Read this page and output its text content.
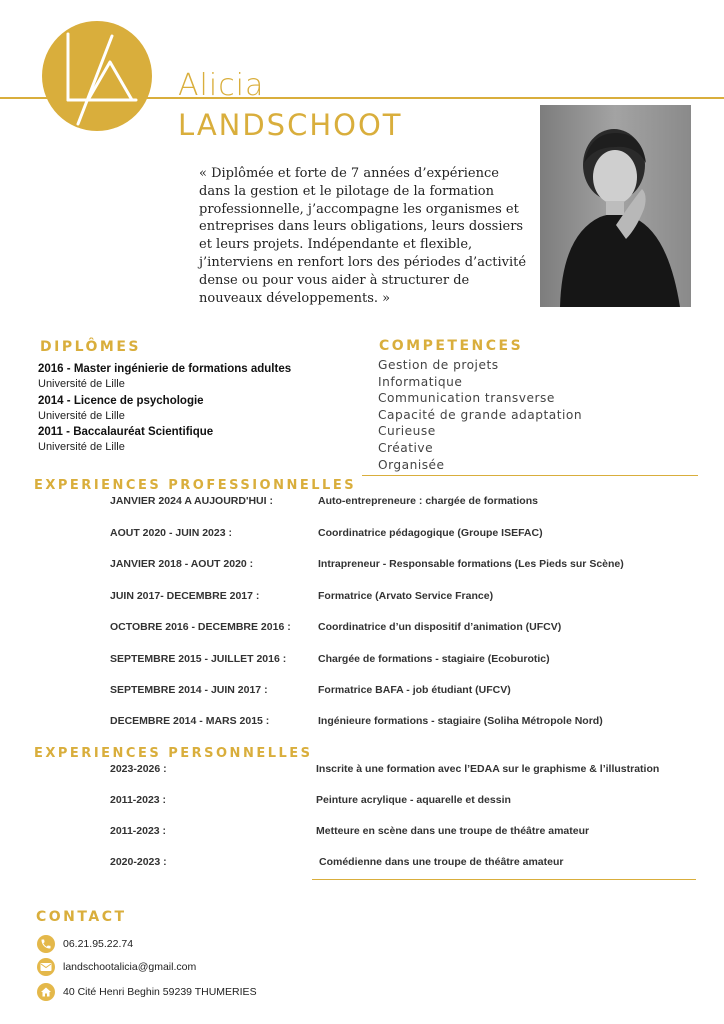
Alicia
LANDSCHOOT
« Diplômée et forte de 7 années d’expérience dans la gestion et le pilotage de la formation professionnelle, j’accompagne les organismes et entreprises dans leurs obligations, leurs dossiers et leurs projets. Indépendante et flexible, j’interviens en renfort lors des périodes d’activité dense ou pour vous aider à structurer de nouveaux développements. »
DIPLÔMES
2016 - Master ingénierie de formations adultes
Université de Lille
2014 - Licence de psychologie
Université de Lille
2011 - Baccalauréat Scientifique
Université de Lille
COMPETENCES
Gestion de projets
Informatique
Communication transverse
Capacité de grande adaptation
Curieuse
Créative
Organisée
EXPERIENCES PROFESSIONNELLES
JANVIER 2024 A AUJOURD'HUI :	Auto-entrepreneure : chargée de formations
AOUT 2020 - JUIN 2023 :	Coordinatrice pédagogique (Groupe ISEFAC)
JANVIER 2018 - AOUT 2020 :	Intrapreneur - Responsable formations (Les Pieds sur Scène)
JUIN 2017- DECEMBRE 2017 :	Formatrice (Arvato Service France)
OCTOBRE 2016 - DECEMBRE 2016 :	Coordinatrice d’un dispositif d’animation (UFCV)
SEPTEMBRE 2015 - JUILLET 2016 :	Chargée de formations - stagiaire (Ecoburotic)
SEPTEMBRE 2014 - JUIN 2017 :	Formatrice BAFA - job étudiant (UFCV)
DECEMBRE 2014 - MARS 2015 :	Ingénieure formations - stagiaire (Soliha Métropole Nord)
EXPERIENCES PERSONNELLES
2023-2026 :	Inscrite à une formation avec l’EDAA sur le graphisme & l’illustration
2011-2023 :	Peinture acrylique - aquarelle et dessin
2011-2023 :	Metteure en scène dans une troupe de théâtre amateur
2020-2023 :	Comédienne dans une troupe de théâtre amateur
CONTACT
06.21.95.22.74
landschootalicia@gmail.com
40 Cité Henri Beghin 59239 THUMERIES
